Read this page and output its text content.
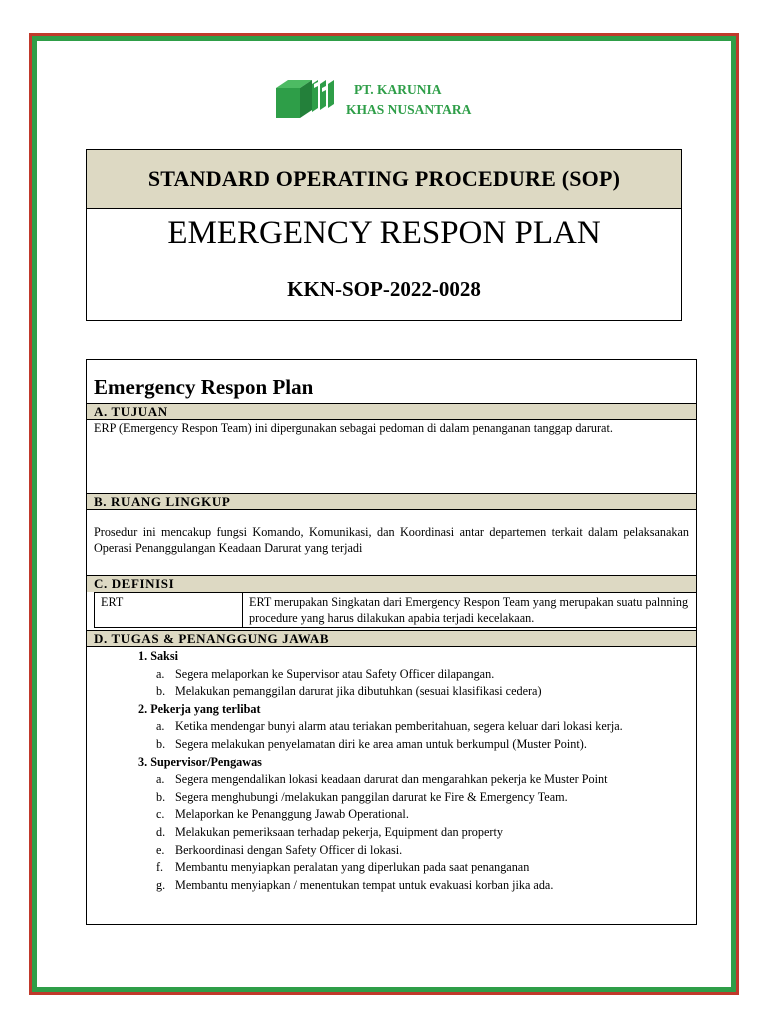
PT. KARUNIA
KHAS NUSANTARA
STANDARD OPERATING PROCEDURE (SOP)
EMERGENCY RESPON PLAN
KKN-SOP-2022-0028
Emergency Respon Plan
A. TUJUAN
ERP (Emergency Respon Team) ini dipergunakan sebagai pedoman di dalam penanganan tanggap darurat.
B. RUANG LINGKUP
Prosedur ini mencakup fungsi Komando, Komunikasi, dan Koordinasi antar departemen terkait dalam pelaksanakan Operasi Penanggulangan Keadaan Darurat yang terjadi
C. DEFINISI
ERT	ERT merupakan Singkatan dari Emergency Respon Team yang merupakan suatu palnning procedure yang harus dilakukan apabia terjadi kecelakaan.
D. TUGAS & PENANGGUNG JAWAB
1. Saksi
a. Segera melaporkan ke Supervisor atau Safety Officer dilapangan.
b. Melakukan pemanggilan darurat jika dibutuhkan (sesuai klasifikasi cedera)
2. Pekerja yang terlibat
a. Ketika mendengar bunyi alarm atau teriakan pemberitahuan, segera keluar dari lokasi kerja.
b. Segera melakukan penyelamatan diri ke area aman untuk berkumpul (Muster Point).
3. Supervisor/Pengawas
a. Segera mengendalikan lokasi keadaan darurat dan mengarahkan pekerja ke Muster Point
b. Segera menghubungi /melakukan panggilan darurat ke Fire & Emergency Team.
c. Melaporkan ke Penanggung Jawab Operational.
d. Melakukan pemeriksaan terhadap pekerja, Equipment dan property
e. Berkoordinasi dengan Safety Officer di lokasi.
f. Membantu menyiapkan peralatan yang diperlukan pada saat penanganan
g. Membantu menyiapkan / menentukan tempat untuk evakuasi korban jika ada.
